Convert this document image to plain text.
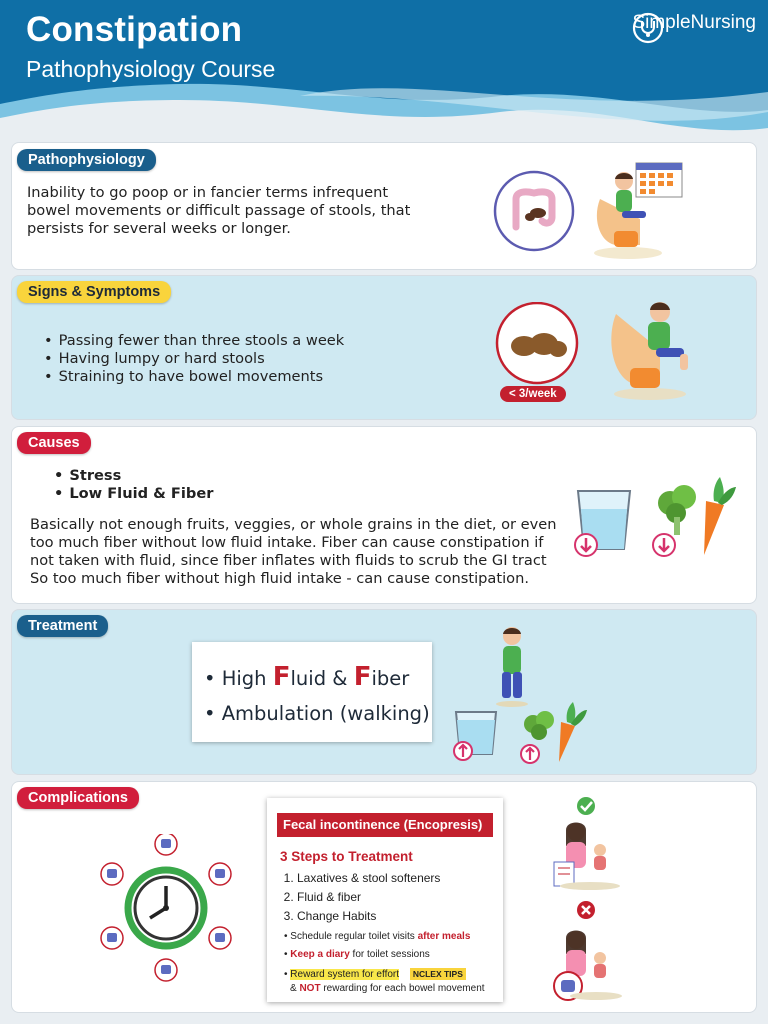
Constipation
Pathophysiology Course
SimpleNursing
Pathophysiology
Inability to go poop or in fancier terms infrequent
bowel movements or difficult passage of stools, that
persists for several weeks or longer.
Signs & Symptoms
• Passing fewer than three stools a week
• Having lumpy or hard stools
• Straining to have bowel movements
< 3/week
Causes
• Stress
• Low Fluid & Fiber
Basically not enough fruits, veggies, or whole grains in the diet, or even
too much fiber without low fluid intake. Fiber can cause constipation if
not taken with fluid, since fiber inflates with fluids to scrub the GI tract
So too much fiber without high fluid intake - can cause constipation.
Treatment
• High Fluid & Fiber
• Ambulation (walking)
Complications
Fecal incontinence (Encopresis)
3 Steps to Treatment
1. Laxatives & stool softeners
2. Fluid & fiber
3. Change Habits
• Schedule regular toilet visits after meals
• Keep a diary for toilet sessions
• Reward system for effort NCLEX TIPS
& NOT rewarding for each bowel movement
